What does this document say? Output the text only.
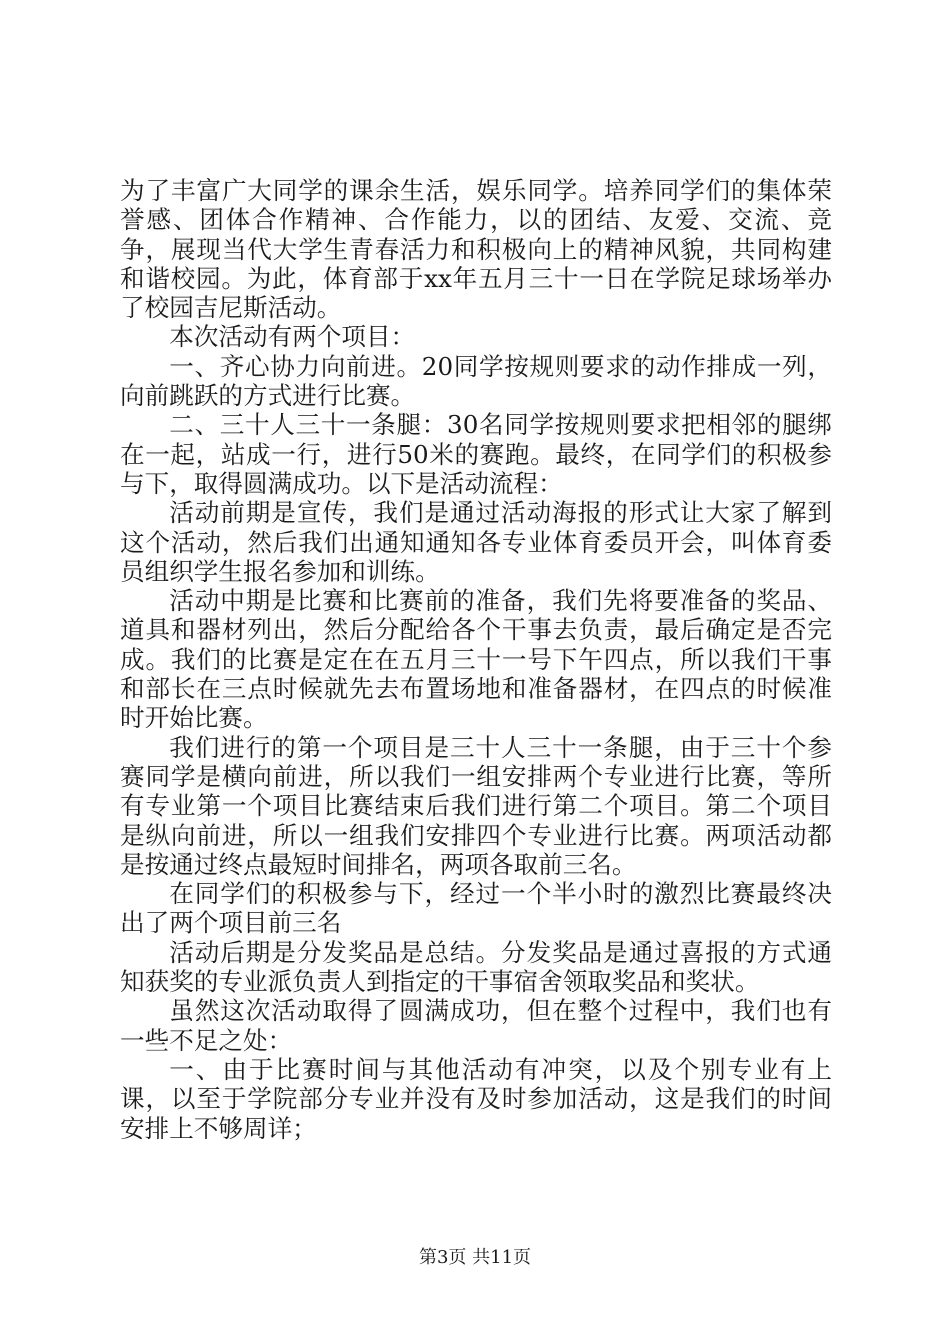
为了丰富广大同学的课余生活，娱乐同学。培养同学们的集体荣誉感、团体合作精神、合作能力，以的团结、友爱、交流、竞争，展现当代大学生青春活力和积极向上的精神风貌，共同构建和谐校园。为此，体育部于xx年五月三十一日在学院足球场举办了校园吉尼斯活动。

本次活动有两个项目：

一、齐心协力向前进。20同学按规则要求的动作排成一列，向前跳跃的方式进行比赛。

二、三十人三十一条腿：30名同学按规则要求把相邻的腿绑在一起，站成一行，进行50米的赛跑。最终，在同学们的积极参与下，取得圆满成功。以下是活动流程：

活动前期是宣传，我们是通过活动海报的形式让大家了解到这个活动，然后我们出通知通知各专业体育委员开会，叫体育委员组织学生报名参加和训练。

活动中期是比赛和比赛前的准备，我们先将要准备的奖品、道具和器材列出，然后分配给各个干事去负责，最后确定是否完成。我们的比赛是定在在五月三十一号下午四点，所以我们干事和部长在三点时候就先去布置场地和准备器材，在四点的时候准时开始比赛。

我们进行的第一个项目是三十人三十一条腿，由于三十个参赛同学是横向前进，所以我们一组安排两个专业进行比赛，等所有专业第一个项目比赛结束后我们进行第二个项目。第二个项目是纵向前进，所以一组我们安排四个专业进行比赛。两项活动都是按通过终点最短时间排名，两项各取前三名。

在同学们的积极参与下，经过一个半小时的激烈比赛最终决出了两个项目前三名

活动后期是分发奖品是总结。分发奖品是通过喜报的方式通知获奖的专业派负责人到指定的干事宿舍领取奖品和奖状。

虽然这次活动取得了圆满成功，但在整个过程中，我们也有一些不足之处：

一、由于比赛时间与其他活动有冲突，以及个别专业有上课，以至于学院部分专业并没有及时参加活动，这是我们的时间安排上不够周详；

第3页 共11页
